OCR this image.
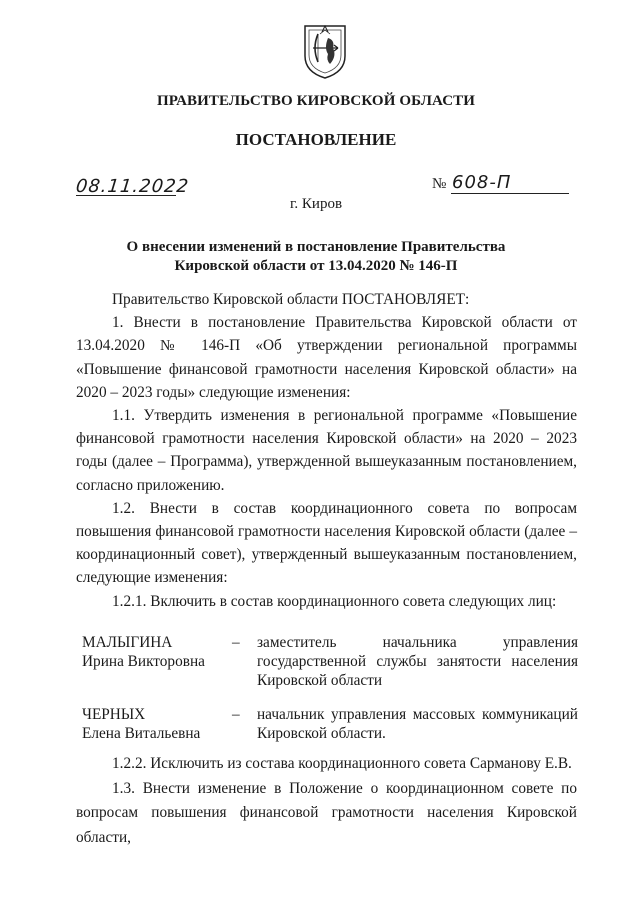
ПРАВИТЕЛЬСТВО КИРОВСКОЙ ОБЛАСТИ
ПОСТАНОВЛЕНИЕ
08.11.2022	№ 608-П
г. Киров
О внесении изменений в постановление Правительства
Кировской области от 13.04.2020 № 146-П

Правительство Кировской области ПОСТАНОВЛЯЕТ:

1. Внести в постановление Правительства Кировской области от 13.04.2020 № 146-П «Об утверждении региональной программы «Повышение финансовой грамотности населения Кировской области» на 2020 – 2023 годы» следующие изменения:

1.1. Утвердить изменения в региональной программе «Повышение финансовой грамотности населения Кировской области» на 2020 – 2023 годы (далее – Программа), утвержденной вышеуказанным постановлением, согласно приложению.

1.2. Внести в состав координационного совета по вопросам повышения финансовой грамотности населения Кировской области (далее – координационный совет), утвержденный вышеуказанным постановлением, следующие изменения:

1.2.1. Включить в состав координационного совета следующих лиц:

МАЛЫГИНА
Ирина Викторовна
– заместитель начальника управления государственной службы занятости населения Кировской области
ЧЕРНЫХ
Елена Витальевна
– начальник управления массовых коммуникаций Кировской области.

1.2.2. Исключить из состава координационного совета Сарманову Е.В.

1.3. Внести изменение в Положение о координационном совете по вопросам повышения финансовой грамотности населения Кировской области,
